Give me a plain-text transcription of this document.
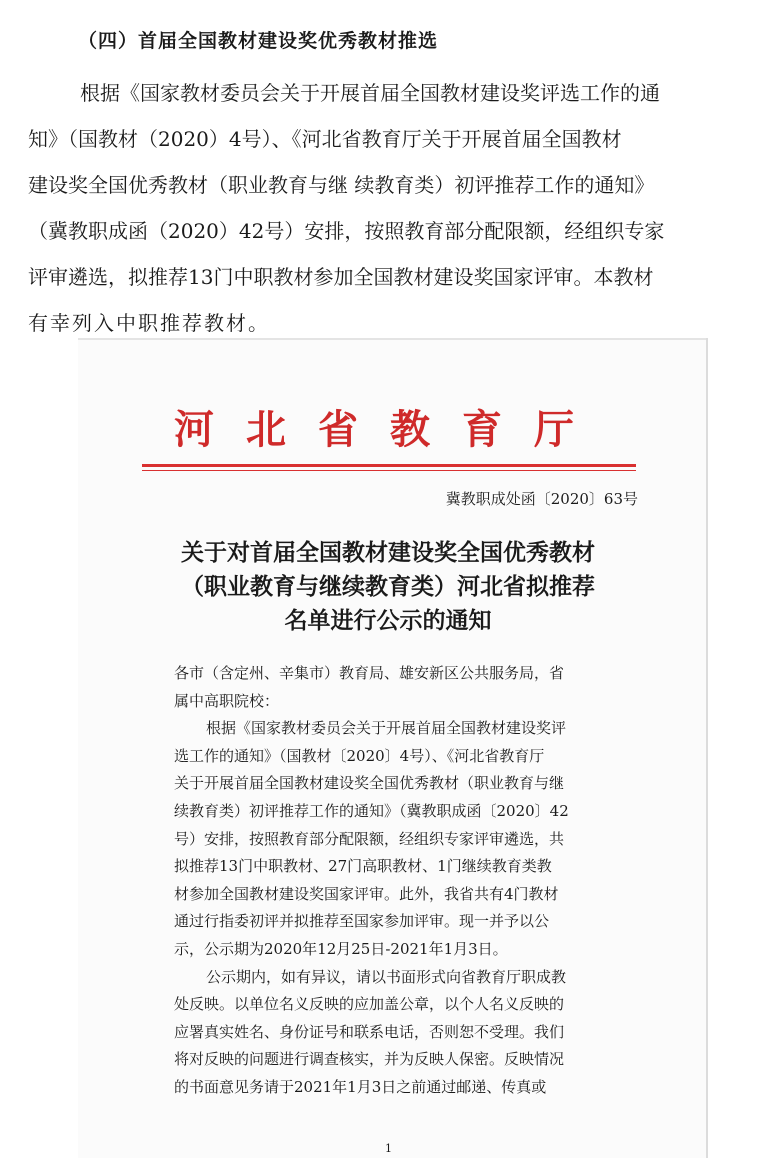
（四）首届全国教材建设奖优秀教材推选
根据《国家教材委员会关于开展首届全国教材建设奖评选工作的通
知》（国教材（2020）4号）、《河北省教育厅关于开展首届全国教材
建设奖全国优秀教材（职业教育与继 续教育类）初评推荐工作的通知》
（冀教职成函（2020）42号）安排，按照教育部分配限额，经组织专家
评审遴选，拟推荐13门中职教材参加全国教材建设奖国家评审。本教材
有幸列入中职推荐教材。
河 北 省 教 育 厅
冀教职成处函〔2020〕63号
关于对首届全国教材建设奖全国优秀教材
（职业教育与继续教育类）河北省拟推荐
名单进行公示的通知
各市（含定州、辛集市）教育局、雄安新区公共服务局，省
属中高职院校：
根据《国家教材委员会关于开展首届全国教材建设奖评
选工作的通知》（国教材〔2020〕4号）、《河北省教育厅
关于开展首届全国教材建设奖全国优秀教材（职业教育与继
续教育类）初评推荐工作的通知》（冀教职成函〔2020〕42
号）安排，按照教育部分配限额，经组织专家评审遴选，共
拟推荐13门中职教材、27门高职教材、1门继续教育类教
材参加全国教材建设奖国家评审。此外，我省共有4门教材
通过行指委初评并拟推荐至国家参加评审。现一并予以公
示，公示期为2020年12月25日-2021年1月3日。
公示期内，如有异议，请以书面形式向省教育厅职成教
处反映。以单位名义反映的应加盖公章，以个人名义反映的
应署真实姓名、身份证号和联系电话，否则恕不受理。我们
将对反映的问题进行调查核实，并为反映人保密。反映情况
的书面意见务请于2021年1月3日之前通过邮递、传真或
1
